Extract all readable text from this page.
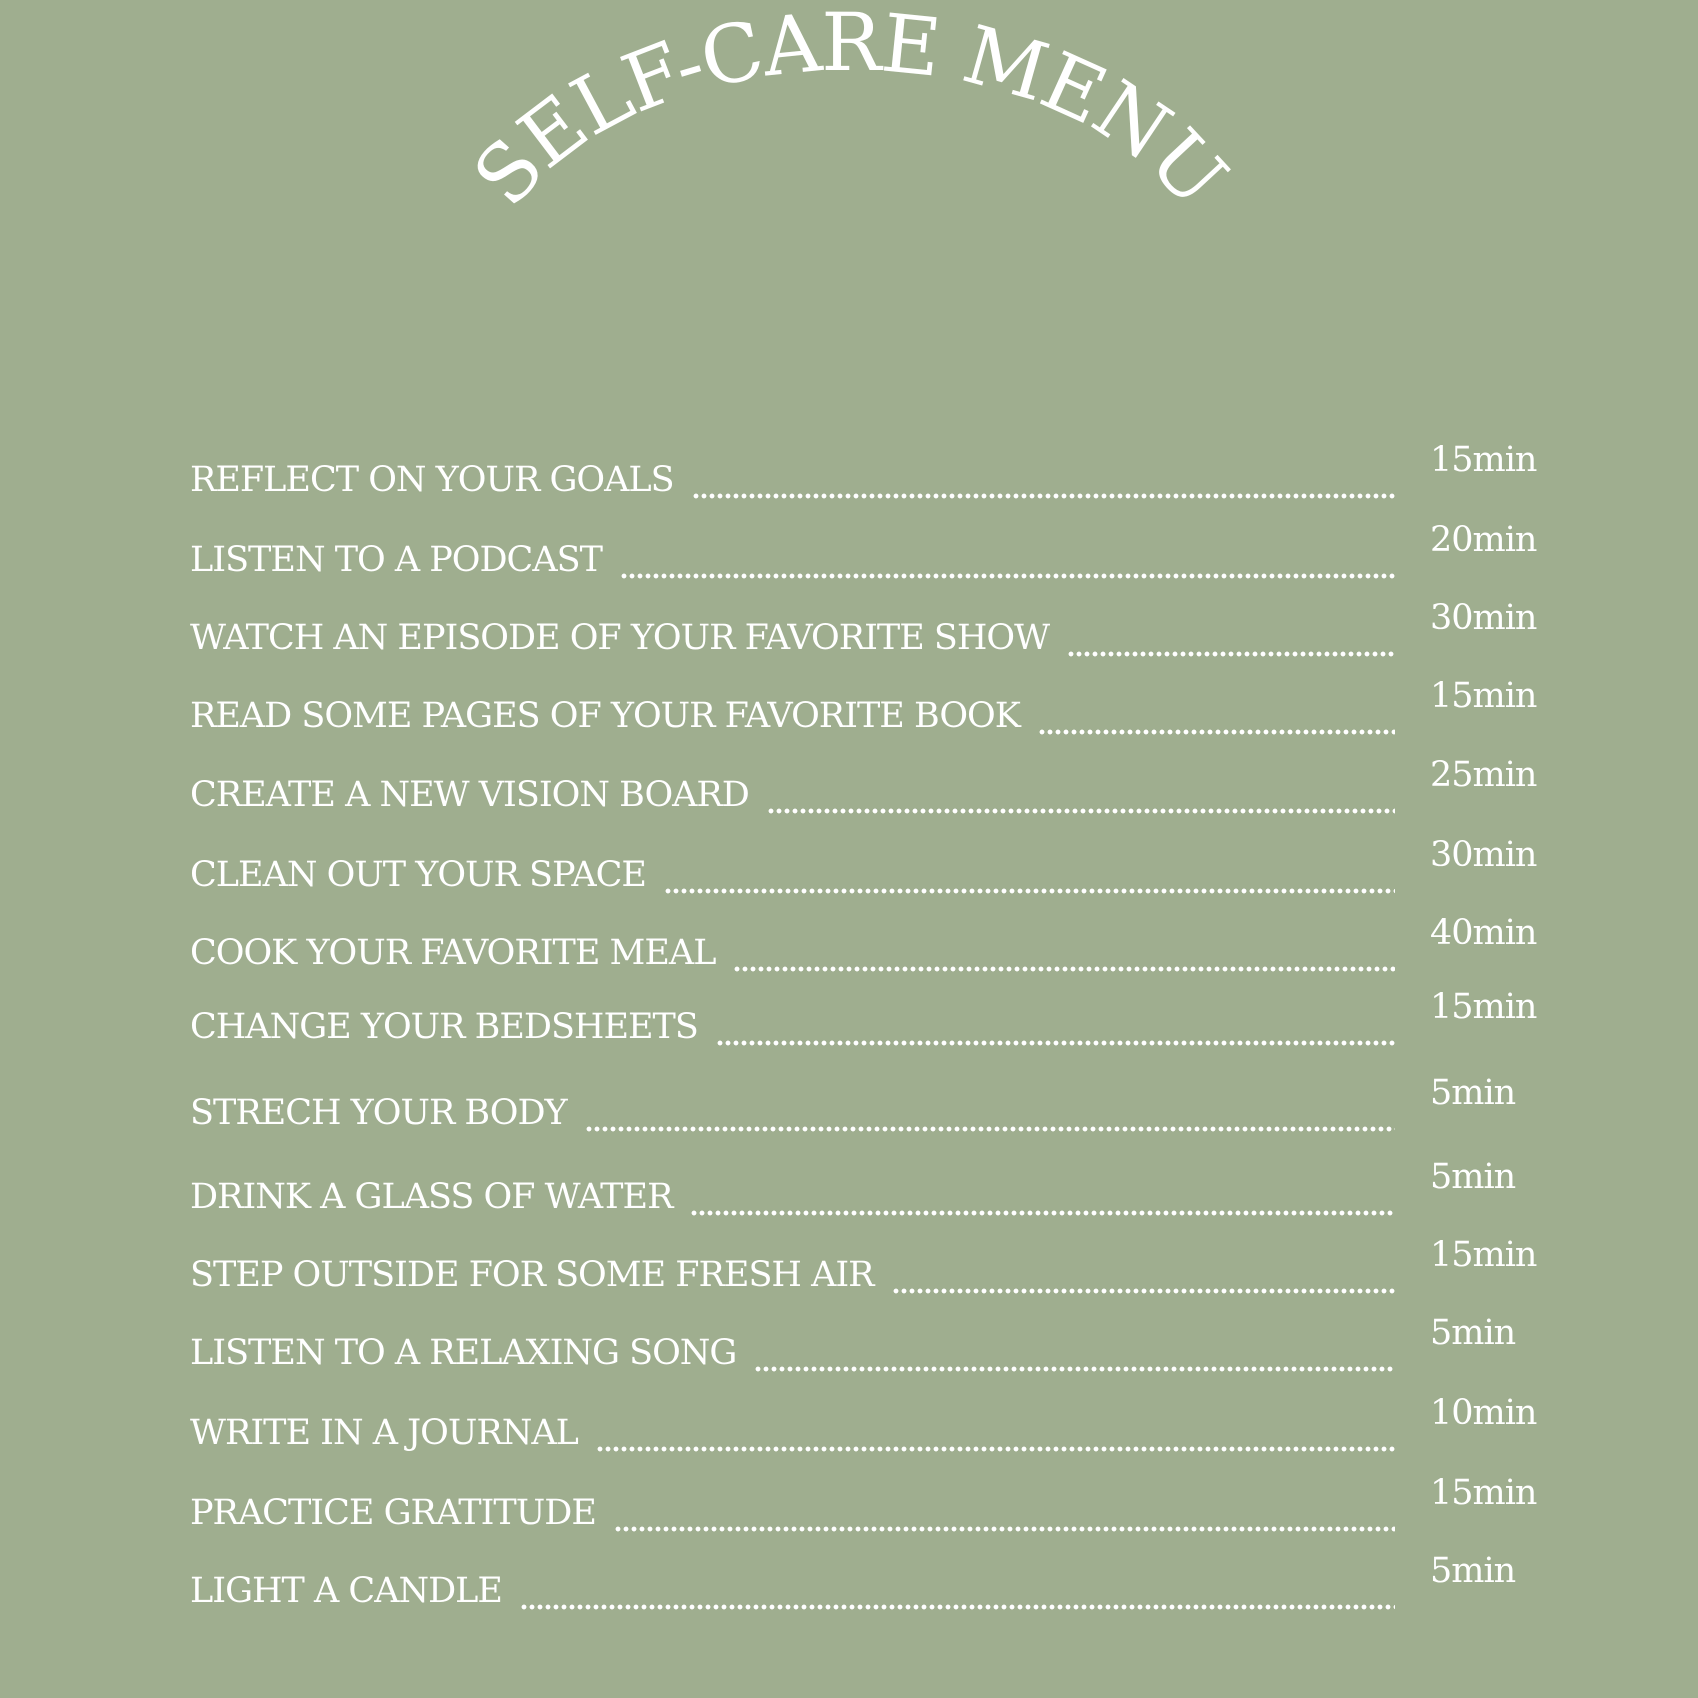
SELF-CARE MENU
REFLECT ON YOUR GOALS	15min
LISTEN TO A PODCAST	20min
WATCH AN EPISODE OF YOUR FAVORITE SHOW	30min
READ SOME PAGES OF YOUR FAVORITE BOOK	15min
CREATE A NEW VISION BOARD	25min
CLEAN OUT YOUR SPACE	30min
COOK YOUR FAVORITE MEAL	40min
CHANGE YOUR BEDSHEETS	15min
STRECH YOUR BODY	5min
DRINK A GLASS OF WATER	5min
STEP OUTSIDE FOR SOME FRESH AIR	15min
LISTEN TO A RELAXING SONG	5min
WRITE IN A JOURNAL	10min
PRACTICE GRATITUDE	15min
LIGHT A CANDLE	5min
